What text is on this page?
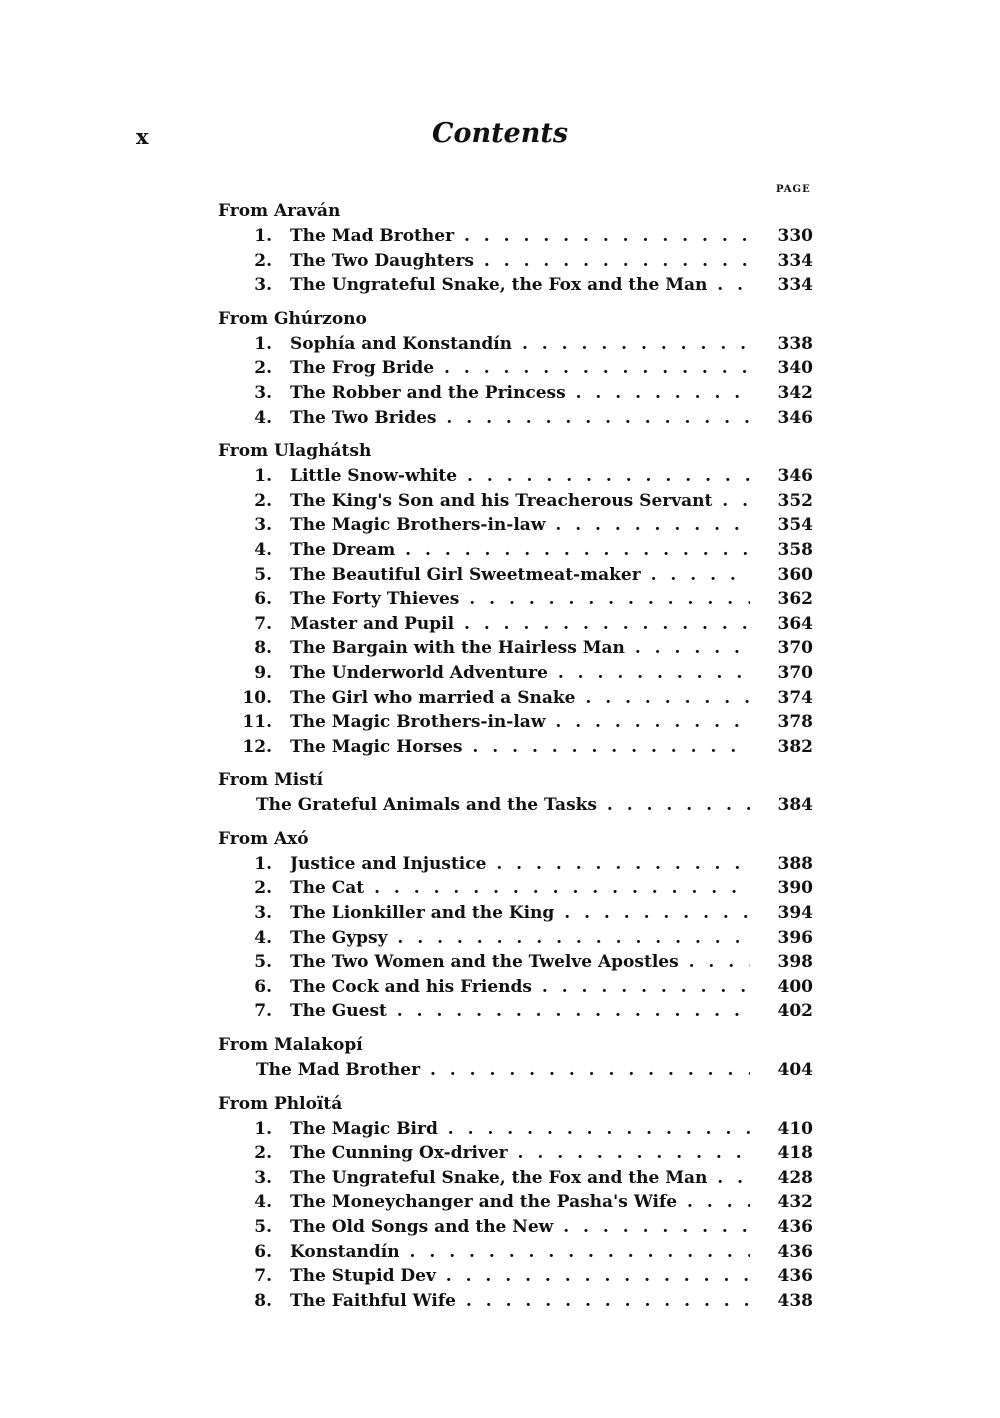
x	Contents
PAGE
From Araván
1. The Mad Brother . .	330
2. The Two Daughters . .	334
3. The Ungrateful Snake, the Fox and the Man . .	334
From Ghúrzono
1. Sophía and Konstandín . .	338
2. The Frog Bride . .	340
3. The Robber and the Princess . .	342
4. The Two Brides . .	346
From Ulaghátsh
1. Little Snow-white . .	346
2. The King's Son and his Treacherous Servant . .	352
3. The Magic Brothers-in-law . .	354
4. The Dream . .	358
5. The Beautiful Girl Sweetmeat-maker . .	360
6. The Forty Thieves . .	362
7. Master and Pupil . .	364
8. The Bargain with the Hairless Man . .	370
9. The Underworld Adventure . .	370
10. The Girl who married a Snake . .	374
11. The Magic Brothers-in-law . .	378
12. The Magic Horses . .	382
From Mistí
The Grateful Animals and the Tasks . .	384
From Axó
1. Justice and Injustice . .	388
2. The Cat . .	390
3. The Lionkiller and the King . .	394
4. The Gypsy . .	396
5. The Two Women and the Twelve Apostles . .	398
6. The Cock and his Friends . .	400
7. The Guest . .	402
From Malakopí
The Mad Brother . .	404
From Phloïtá
1. The Magic Bird . .	410
2. The Cunning Ox-driver . .	418
3. The Ungrateful Snake, the Fox and the Man . .	428
4. The Moneychanger and the Pasha's Wife . .	432
5. The Old Songs and the New . .	436
6. Konstandín . .	436
7. The Stupid Dev . .	436
8. The Faithful Wife . .	438
